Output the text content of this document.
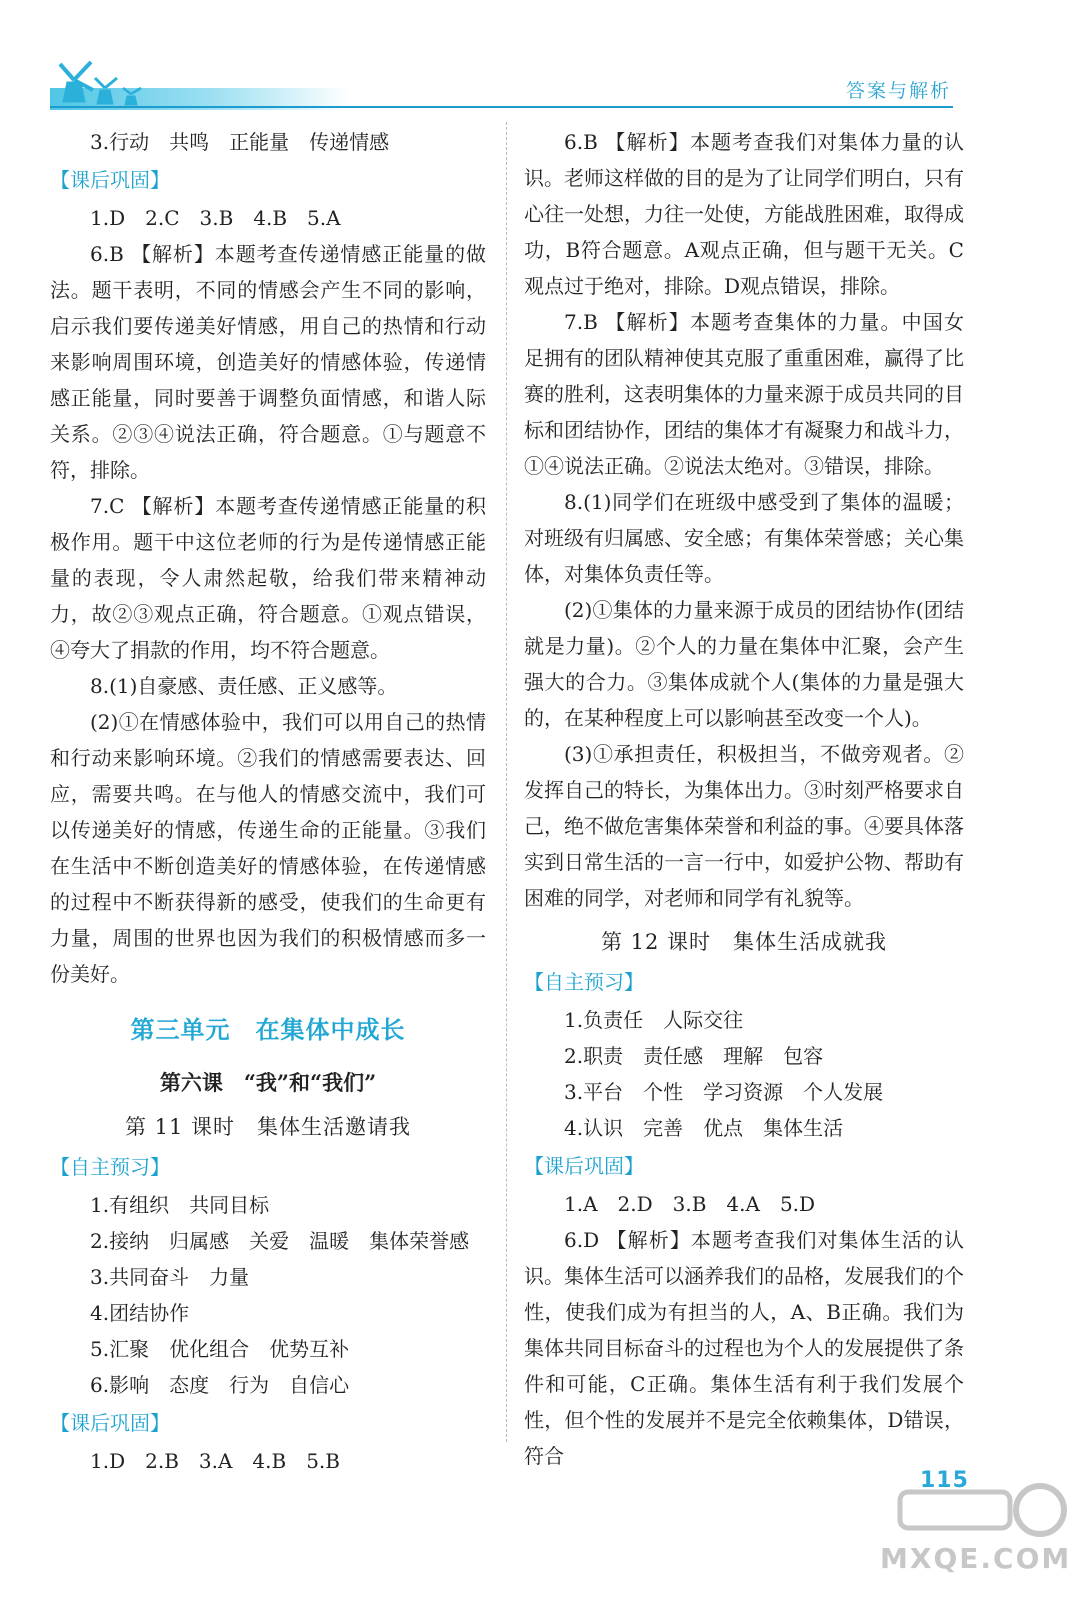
答案与解析

3.行动　共鸣　正能量　传递情感

【课后巩固】

1.D　2.C　3.B　4.B　5.A

6.B 【解析】本题考查传递情感正能量的做法。题干表明，不同的情感会产生不同的影响，启示我们要传递美好情感，用自己的热情和行动来影响周围环境，创造美好的情感体验，传递情感正能量，同时要善于调整负面情感，和谐人际关系。②③④说法正确，符合题意。①与题意不符，排除。

7.C 【解析】本题考查传递情感正能量的积极作用。题干中这位老师的行为是传递情感正能量的表现，令人肃然起敬，给我们带来精神动力，故②③观点正确，符合题意。①观点错误，④夸大了捐款的作用，均不符合题意。

8.(1)自豪感、责任感、正义感等。

(2)①在情感体验中，我们可以用自己的热情和行动来影响环境。②我们的情感需要表达、回应，需要共鸣。在与他人的情感交流中，我们可以传递美好的情感，传递生命的正能量。③我们在生活中不断创造美好的情感体验，在传递情感的过程中不断获得新的感受，使我们的生命更有力量，周围的世界也因为我们的积极情感而多一份美好。

第三单元　在集体中成长
第六课　“我”和“我们”
第 11 课时　集体生活邀请我
【自主预习】

1.有组织　共同目标

2.接纳　归属感　关爱　温暖　集体荣誉感

3.共同奋斗　力量

4.团结协作

5.汇聚　优化组合　优势互补

6.影响　态度　行为　自信心

【课后巩固】

1.D　2.B　3.A　4.B　5.B

6.B 【解析】本题考查我们对集体力量的认识。老师这样做的目的是为了让同学们明白，只有心往一处想，力往一处使，方能战胜困难，取得成功，B符合题意。A观点正确，但与题干无关。C观点过于绝对，排除。D观点错误，排除。

7.B 【解析】本题考查集体的力量。中国女足拥有的团队精神使其克服了重重困难，赢得了比赛的胜利，这表明集体的力量来源于成员共同的目标和团结协作，团结的集体才有凝聚力和战斗力，①④说法正确。②说法太绝对。③错误，排除。

8.(1)同学们在班级中感受到了集体的温暖；对班级有归属感、安全感；有集体荣誉感；关心集体，对集体负责任等。

(2)①集体的力量来源于成员的团结协作(团结就是力量)。②个人的力量在集体中汇聚，会产生强大的合力。③集体成就个人(集体的力量是强大的，在某种程度上可以影响甚至改变一个人)。

(3)①承担责任，积极担当，不做旁观者。②发挥自己的特长，为集体出力。③时刻严格要求自己，绝不做危害集体荣誉和利益的事。④要具体落实到日常生活的一言一行中，如爱护公物、帮助有困难的同学，对老师和同学有礼貌等。

第 12 课时　集体生活成就我
【自主预习】

1.负责任　人际交往

2.职责　责任感　理解　包容

3.平台　个性　学习资源　个人发展

4.认识　完善　优点　集体生活

【课后巩固】

1.A　2.D　3.B　4.A　5.D

6.D 【解析】本题考查我们对集体生活的认识。集体生活可以涵养我们的品格，发展我们的个性，使我们成为有担当的人，A、B正确。我们为集体共同目标奋斗的过程也为个人的发展提供了条件和可能，C正确。集体生活有利于我们发展个性，但个性的发展并不是完全依赖集体，D错误，符合

115
MXQE.COM
